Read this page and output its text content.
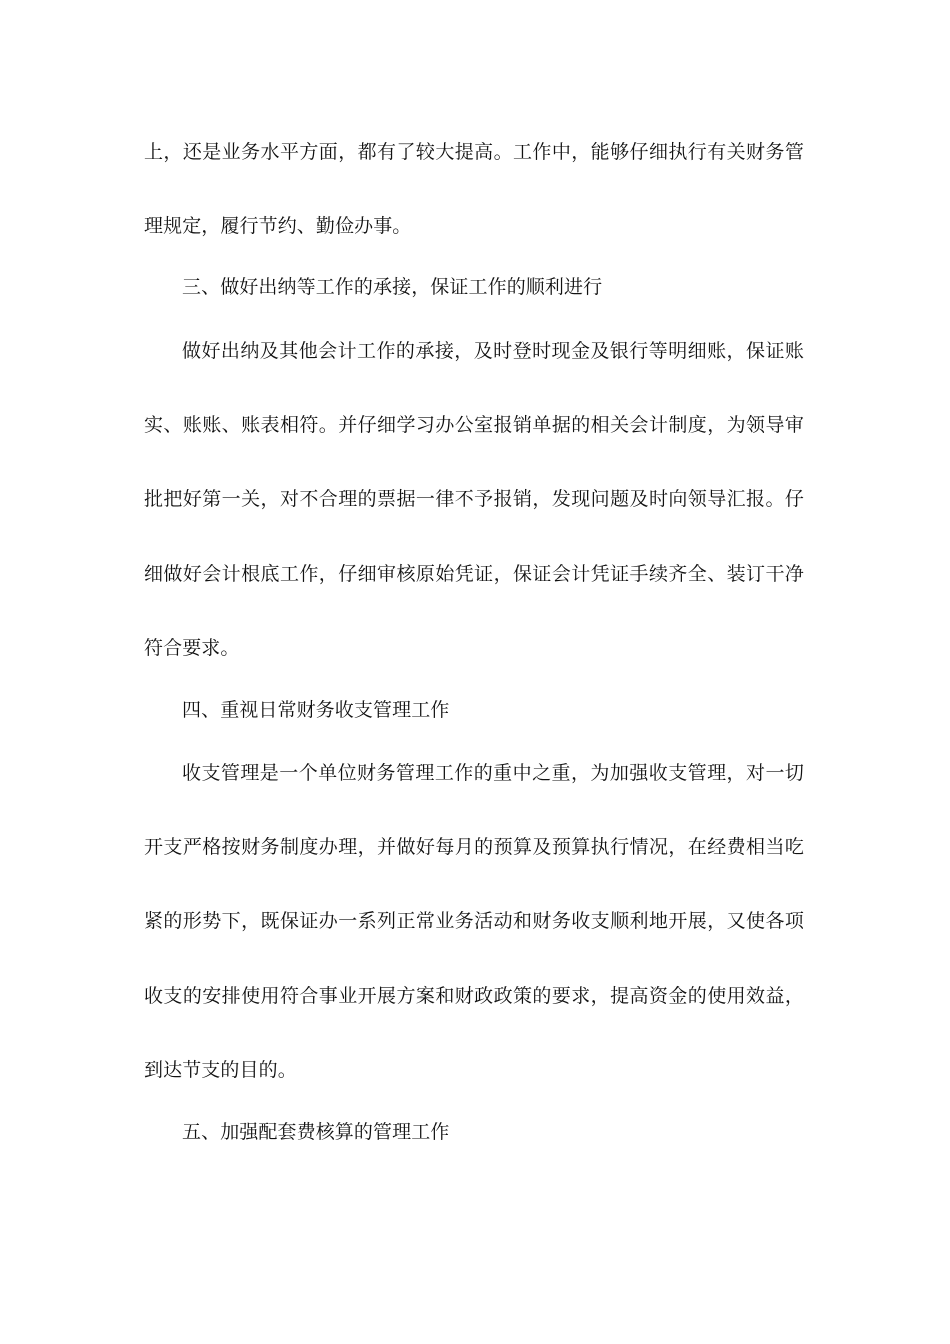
上，还是业务水平方面，都有了较大提高。工作中，能够仔细执行有关财务管
理规定，履行节约、勤俭办事。
三、做好出纳等工作的承接，保证工作的顺利进行
做好出纳及其他会计工作的承接，及时登时现金及银行等明细账，保证账
实、账账、账表相符。并仔细学习办公室报销单据的相关会计制度，为领导审
批把好第一关，对不合理的票据一律不予报销，发现问题及时向领导汇报。仔
细做好会计根底工作，仔细审核原始凭证，保证会计凭证手续齐全、装订干净
符合要求。
四、重视日常财务收支管理工作
收支管理是一个单位财务管理工作的重中之重，为加强收支管理，对一切
开支严格按财务制度办理，并做好每月的预算及预算执行情况，在经费相当吃
紧的形势下，既保证办一系列正常业务活动和财务收支顺利地开展，又使各项
收支的安排使用符合事业开展方案和财政政策的要求，提高资金的使用效益，
到达节支的目的。
五、加强配套费核算的管理工作
